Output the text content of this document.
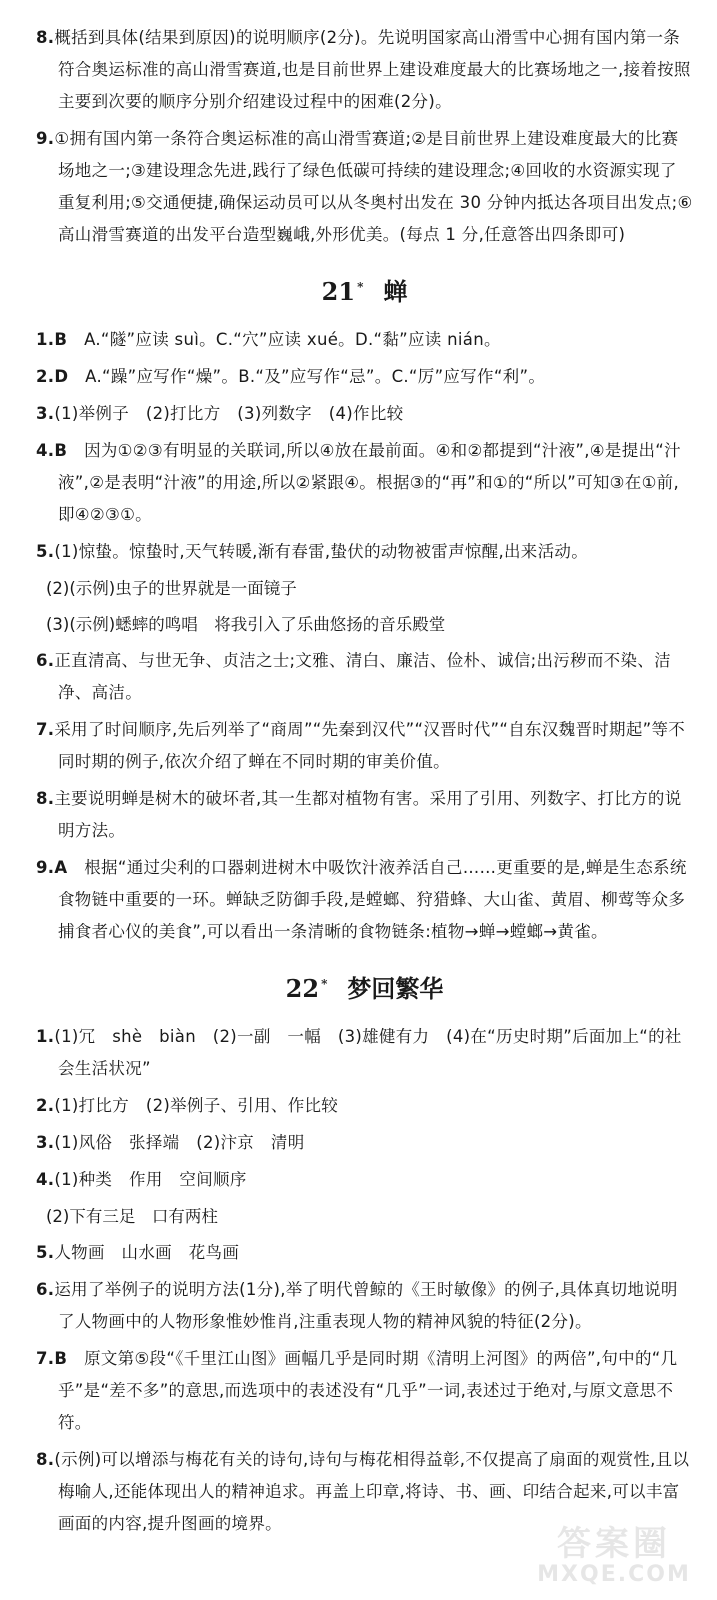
8.概括到具体(结果到原因)的说明顺序(2分)。先说明国家高山滑雪中心拥有国内第一条符合奥运标准的高山滑雪赛道,也是目前世界上建设难度最大的比赛场地之一,接着按照主要到次要的顺序分别介绍建设过程中的困难(2分)。

9.①拥有国内第一条符合奥运标准的高山滑雪赛道;②是目前世界上建设难度最大的比赛场地之一;③建设理念先进,践行了绿色低碳可持续的建设理念;④回收的水资源实现了重复利用;⑤交通便捷,确保运动员可以从冬奥村出发在 30 分钟内抵达各项目出发点;⑥高山滑雪赛道的出发平台造型巍峨,外形优美。(每点 1 分,任意答出四条即可)

21 * 蝉

1.B　 A.“隧”应读 suì。C.“穴”应读 xué。D.“黏”应读 nián。

2.D　 A.“躁”应写作“燥”。B.“及”应写作“忌”。C.“厉”应写作“利”。

3.(1)举例子　(2)打比方　(3)列数字　(4)作比较

4.B　 因为①②③有明显的关联词,所以④放在最前面。④和②都提到“汁液”,④是提出“汁液”,②是表明“汁液”的用途,所以②紧跟④。根据③的“再”和①的“所以”可知③在①前,即④②③①。

5.(1)惊蛰。惊蛰时,天气转暖,渐有春雷,蛰伏的动物被雷声惊醒,出来活动。

(2)(示例)虫子的世界就是一面镜子

(3)(示例)蟋蟀的鸣唱　将我引入了乐曲悠扬的音乐殿堂

6.正直清高、与世无争、贞洁之士;文雅、清白、廉洁、俭朴、诚信;出污秽而不染、洁净、高洁。

7.采用了时间顺序,先后列举了“商周”“先秦到汉代”“汉晋时代”“自东汉魏晋时期起”等不同时期的例子,依次介绍了蝉在不同时期的审美价值。

8.主要说明蝉是树木的破坏者,其一生都对植物有害。采用了引用、列数字、打比方的说明方法。

9.A　 根据“通过尖利的口器刺进树木中吸饮汁液养活自己……更重要的是,蝉是生态系统食物链中重要的一环。蝉缺乏防御手段,是螳螂、狩猎蜂、大山雀、黄眉、柳莺等众多捕食者心仪的美食”,可以看出一条清晰的食物链条:植物→蝉→螳螂→黄雀。

22 * 梦回繁华

1.(1)冗　shè　biàn　(2)一副　一幅　(3)雄健有力　(4)在“历史时期”后面加上“的社会生活状况”

2.(1)打比方　(2)举例子、引用、作比较

3.(1)风俗　张择端　(2)汴京　清明

4.(1)种类　作用　空间顺序

(2)下有三足　口有两柱

5.人物画　山水画　花鸟画

6.运用了举例子的说明方法(1分),举了明代曾鲸的《王时敏像》的例子,具体真切地说明了人物画中的人物形象惟妙惟肖,注重表现人物的精神风貌的特征(2分)。

7.B　 原文第⑤段“《千里江山图》画幅几乎是同时期《清明上河图》的两倍”,句中的“几乎”是“差不多”的意思,而选项中的表述没有“几乎”一词,表述过于绝对,与原文意思不符。

8.(示例)可以增添与梅花有关的诗句,诗句与梅花相得益彰,不仅提高了扇面的观赏性,且以梅喻人,还能体现出人的精神追求。再盖上印章,将诗、书、画、印结合起来,可以丰富画面的内容,提升图画的境界。

答案圈
MXQE.COM
